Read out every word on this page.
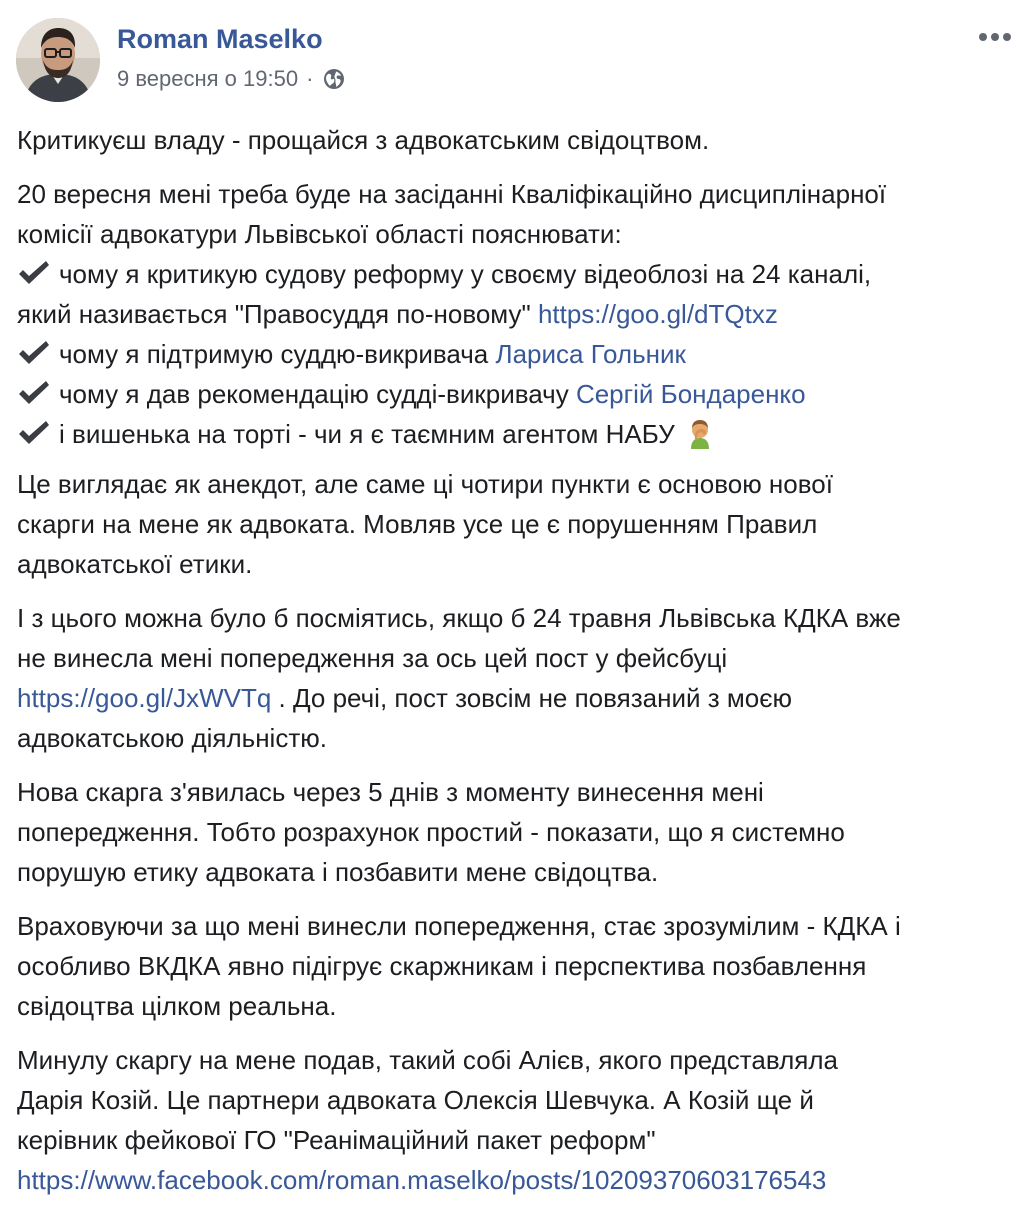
Roman Maselko
9 вересня о 19:50 ·

Критикуєш владу - прощайся з адвокатським свідоцтвом.

20 вересня мені треба буде на засіданні Кваліфікаційно дисциплінарної
комісії адвокатури Львівської області пояснювати:
чому я критикую судову реформу у своєму відеоблозі на 24 каналі,
який називається "Правосуддя по-новому" https://goo.gl/dTQtxz
чому я підтримую суддю-викривача Лариса Гольник
чому я дав рекомендацію судді-викривачу Сергій Бондаренко
і вишенька на торті - чи я є таємним агентом НАБУ

Це виглядає як анекдот, але саме ці чотири пункти є основою нової
скарги на мене як адвоката. Мовляв усе це є порушенням Правил
адвокатської етики.

І з цього можна було б посміятись, якщо б 24 травня Львівська КДКА вже
не винесла мені попередження за ось цей пост у фейсбуці
https://goo.gl/JxWVTq . До речі, пост зовсім не повязаний з моєю
адвокатською діяльністю.

Нова скарга з'явилась через 5 днів з моменту винесення мені
попередження. Тобто розрахунок простий - показати, що я системно
порушую етику адвоката і позбавити мене свідоцтва.

Враховуючи за що мені винесли попередження, стає зрозумілим - КДКА і
особливо ВКДКА явно підігрує скаржникам і перспектива позбавлення
свідоцтва цілком реальна.

Минулу скаргу на мене подав, такий собі Алієв, якого представляла
Дарія Козій. Це партнери адвоката Олексія Шевчука. А Козій ще й
керівник фейкової ГО "Реанімаційний пакет реформ"
https://www.facebook.com/roman.maselko/posts/10209370603176543
